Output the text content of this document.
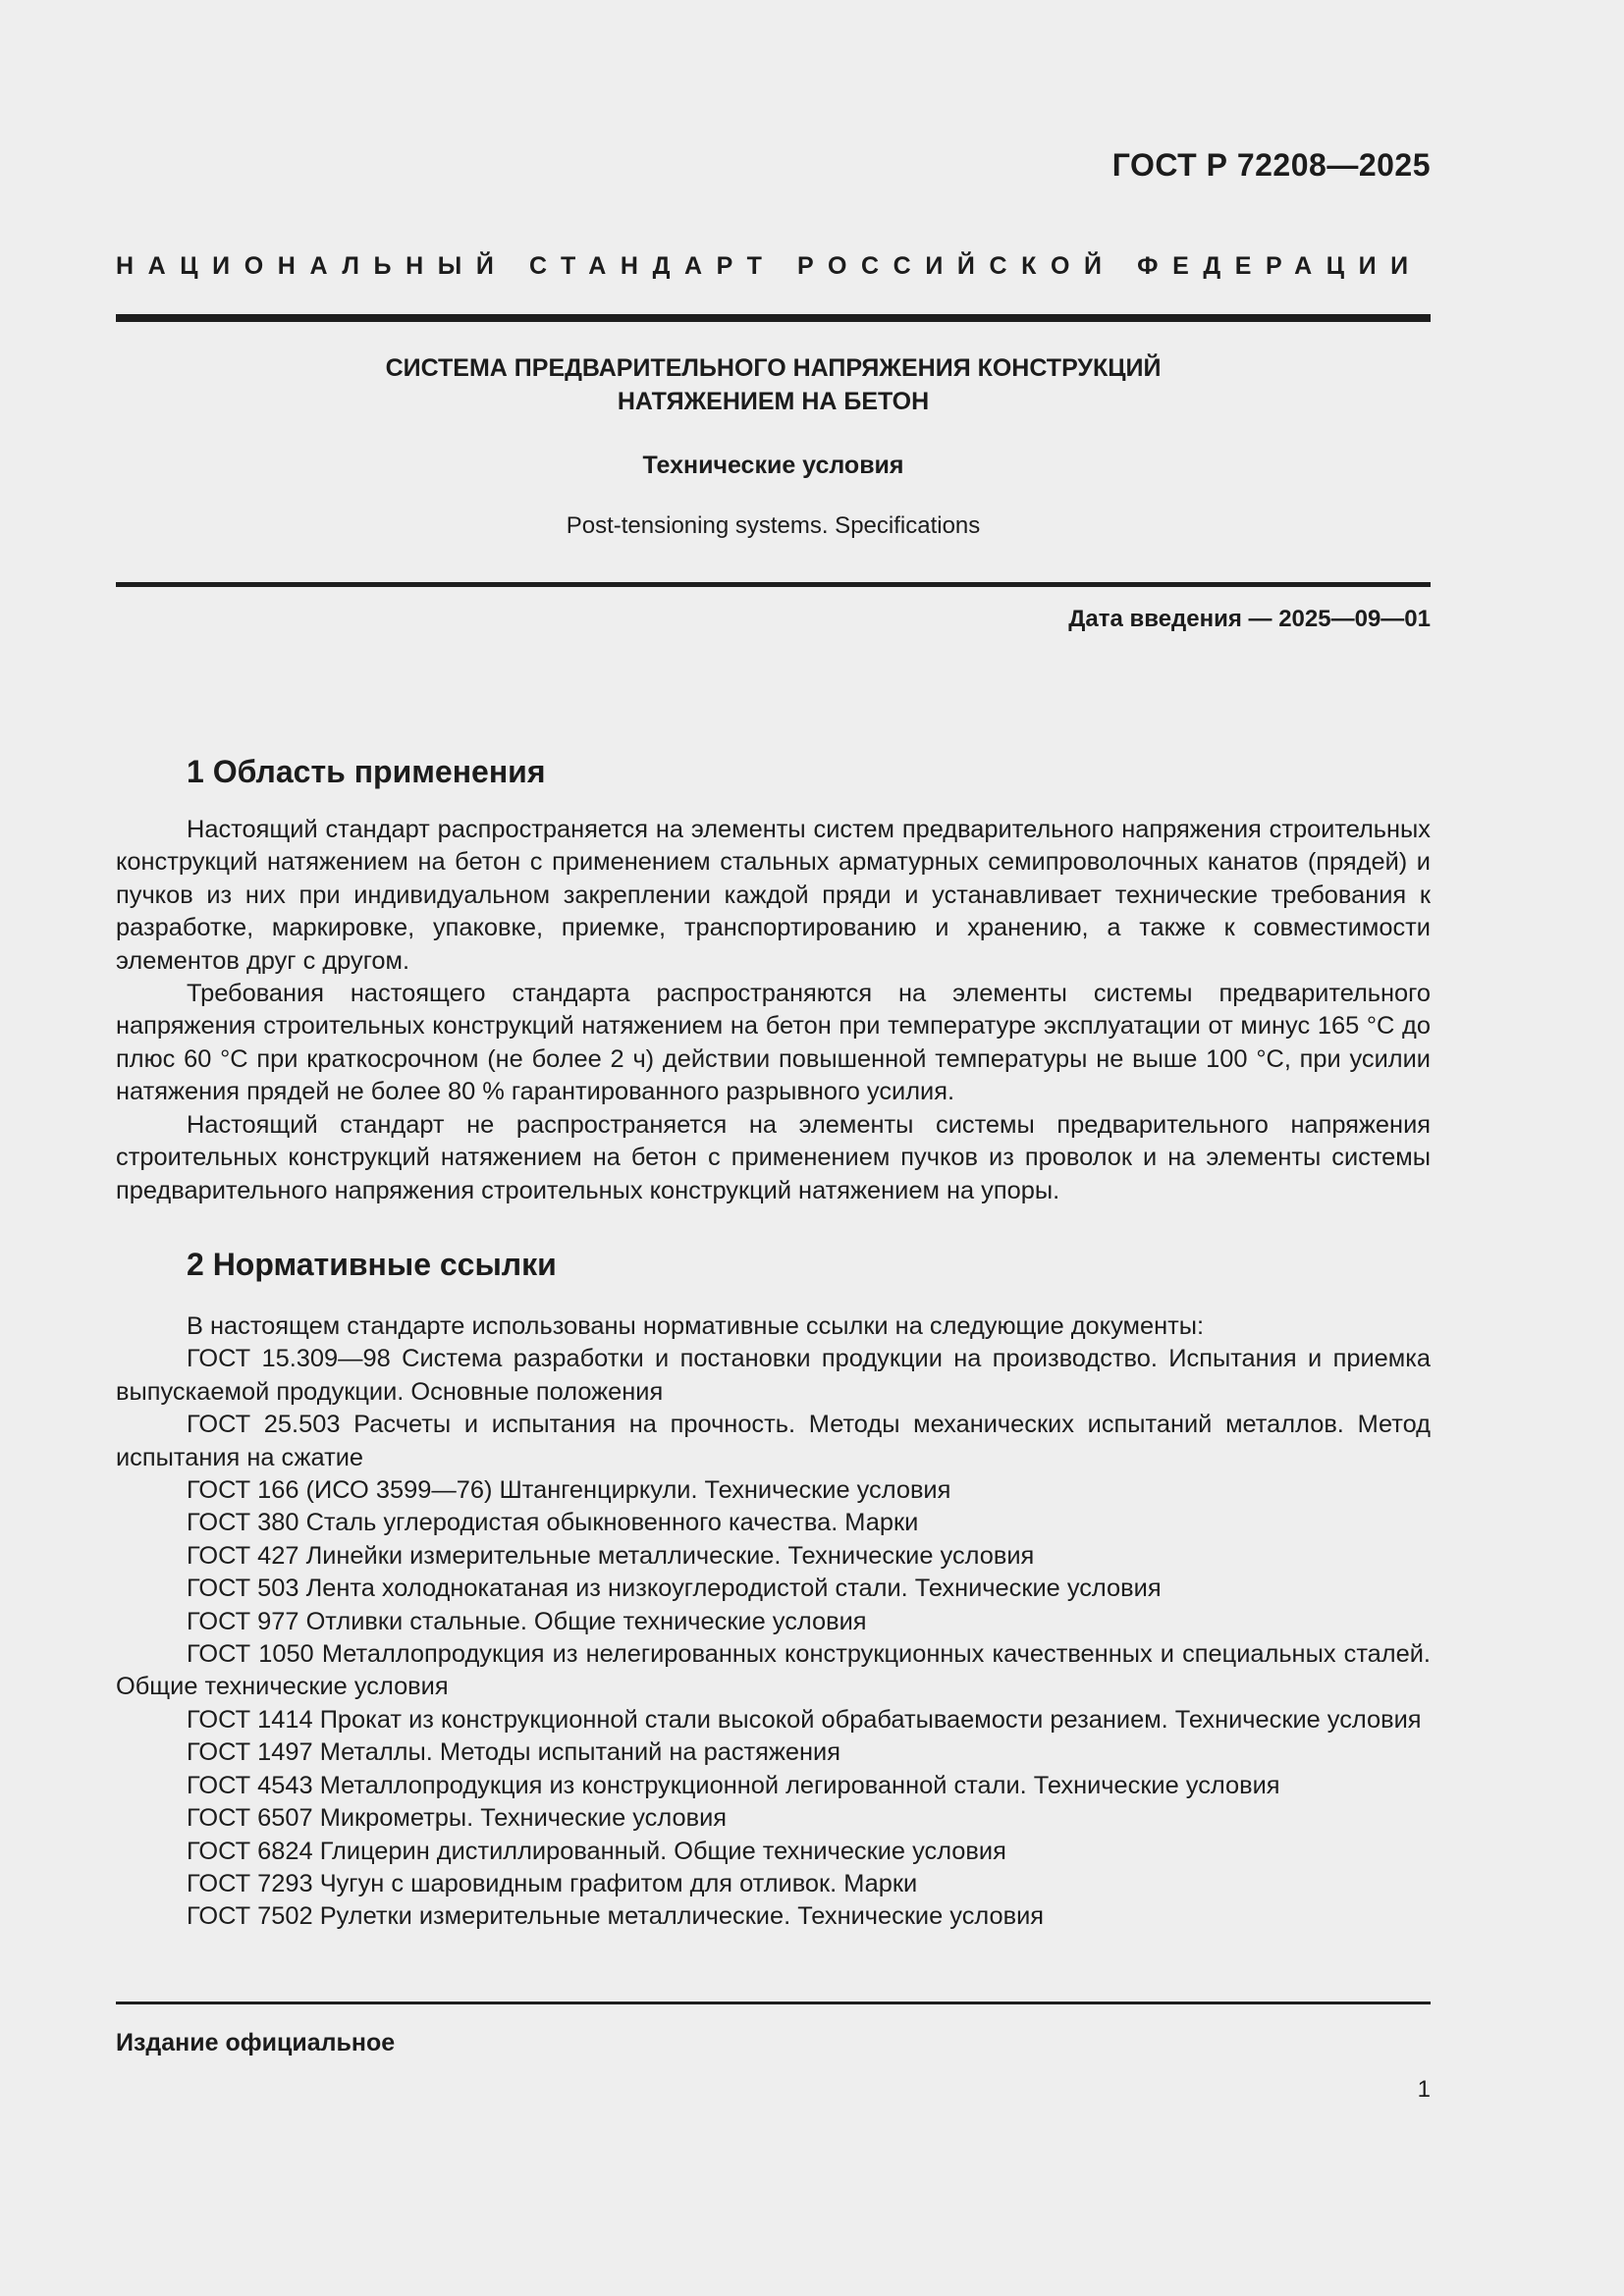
ГОСТ Р 72208—2025
НАЦИОНАЛЬНЫЙ СТАНДАРТ РОССИЙСКОЙ ФЕДЕРАЦИИ
СИСТЕМА ПРЕДВАРИТЕЛЬНОГО НАПРЯЖЕНИЯ КОНСТРУКЦИЙ
НАТЯЖЕНИЕМ НА БЕТОН
Технические условия
Post-tensioning systems. Specifications
Дата введения — 2025—09—01
1 Область применения

Настоящий стандарт распространяется на элементы систем предварительного напряжения строительных конструкций натяжением на бетон с применением стальных арматурных семипроволочных канатов (прядей) и пучков из них при индивидуальном закреплении каждой пряди и устанавливает технические требования к разработке, маркировке, упаковке, приемке, транспортированию и хранению, а также к совместимости элементов друг с другом.

Требования настоящего стандарта распространяются на элементы системы предварительного напряжения строительных конструкций натяжением на бетон при температуре эксплуатации от минус 165 °С до плюс 60 °С при краткосрочном (не более 2 ч) действии повышенной температуры не выше 100 °С, при усилии натяжения прядей не более 80 % гарантированного разрывного усилия.

Настоящий стандарт не распространяется на элементы системы предварительного напряжения строительных конструкций натяжением на бетон с применением пучков из проволок и на элементы системы предварительного напряжения строительных конструкций натяжением на упоры.

2 Нормативные ссылки

В настоящем стандарте использованы нормативные ссылки на следующие документы:

ГОСТ 15.309—98 Система разработки и постановки продукции на производство. Испытания и приемка выпускаемой продукции. Основные положения

ГОСТ 25.503 Расчеты и испытания на прочность. Методы механических испытаний металлов. Метод испытания на сжатие

ГОСТ 166 (ИСО 3599—76) Штангенциркули. Технические условия

ГОСТ 380 Сталь углеродистая обыкновенного качества. Марки

ГОСТ 427 Линейки измерительные металлические. Технические условия

ГОСТ 503 Лента холоднокатаная из низкоуглеродистой стали. Технические условия

ГОСТ 977 Отливки стальные. Общие технические условия

ГОСТ 1050 Металлопродукция из нелегированных конструкционных качественных и специальных сталей. Общие технические условия

ГОСТ 1414 Прокат из конструкционной стали высокой обрабатываемости резанием. Технические условия

ГОСТ 1497 Металлы. Методы испытаний на растяжения

ГОСТ 4543 Металлопродукция из конструкционной легированной стали. Технические условия

ГОСТ 6507 Микрометры. Технические условия

ГОСТ 6824 Глицерин дистиллированный. Общие технические условия

ГОСТ 7293 Чугун с шаровидным графитом для отливок. Марки

ГОСТ 7502 Рулетки измерительные металлические. Технические условия

Издание официальное
1
